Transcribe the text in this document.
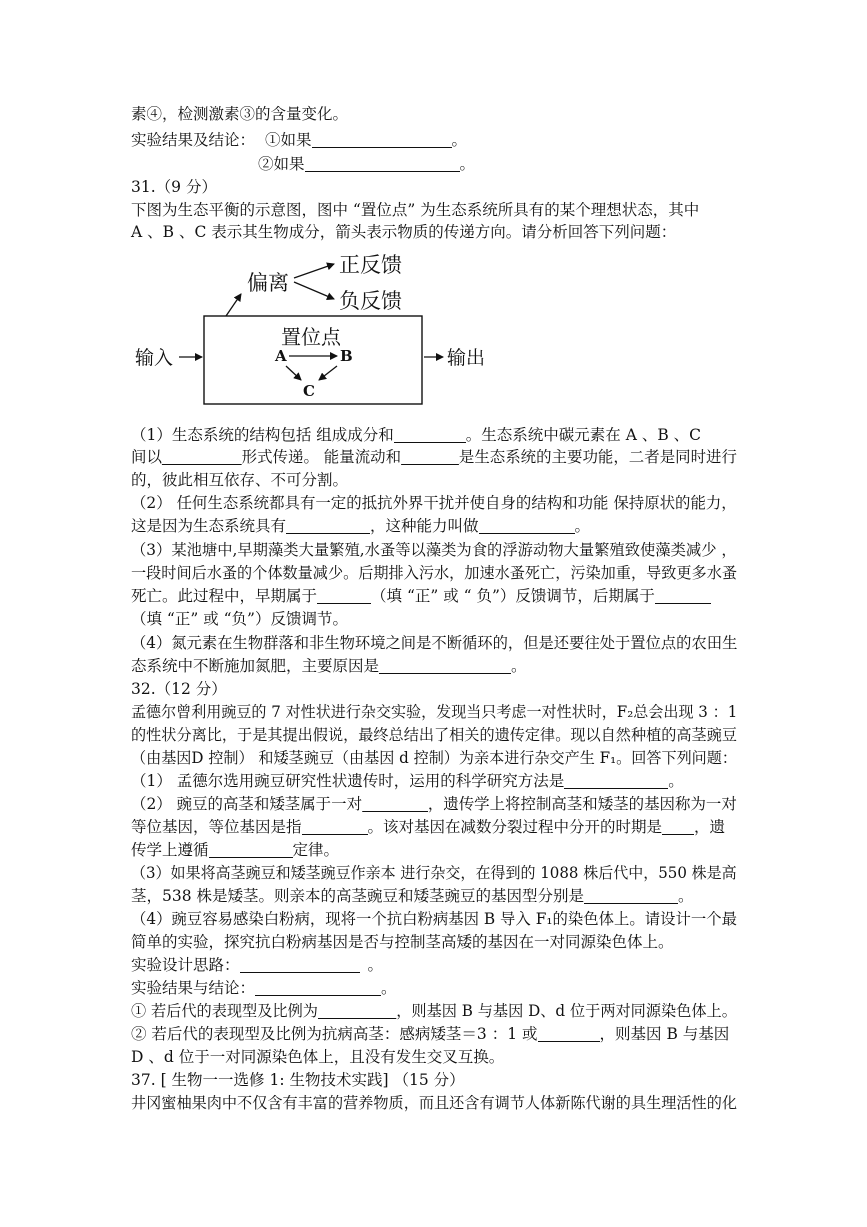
素④，检测激素③的含量变化。
实验结果及结论： ①如果	。
②如果	。
31.（9 分）
下图为生态平衡的示意图，图中 “置位点” 为生态系统所具有的某个理想状态，其中
A 、B 、C 表示其生物成分，箭头表示物质的传递方向。请分析回答下列问题：
偏离
正反馈
负反馈
置位点
A	B
C
输入	输出
（1）生态系统的结构包括 组成成分和	。生态系统中碳元素在 A 、B 、C
间以	形式传递。 能量流动和	是生态系统的主要功能，二者是同时进行
的，彼此相互依存、不可分割。
（2） 任何生态系统都具有一定的抵抗外界干扰并使自身的结构和功能 保持原状的能力，
这是因为生态系统具有	，这种能力叫做	。
（3）某池塘中,早期藻类大量繁殖,水蚤等以藻类为食的浮游动物大量繁殖致使藻类减少 ，
一段时间后水蚤的个体数量减少。后期排入污水，加速水蚤死亡，污染加重，导致更多水蚤
死亡。此过程中，早期属于	（填 “正” 或 “ 负”）反馈调节，后期属于
（填 “正” 或 “负”）反馈调节。
（4）氮元素在生物群落和非生物环境之间是不断循环的，但是还要往处于置位点的农田生
态系统中不断施加氮肥，主要原因是	。
32.（12 分）
孟德尔曾利用豌豆的 7 对性状进行杂交实验，发现当只考虑一对性状时，F₂总会出现 3 ：1
的性状分离比，于是其提出假说，最终总结出了相关的遗传定律。现以自然种植的高茎豌豆
（由基因D 控制） 和矮茎豌豆（由基因 d 控制）为亲本进行杂交产生 F₁。回答下列问题：
（1） 孟德尔选用豌豆研究性状遗传时，运用的科学研究方法是	。
（2） 豌豆的高茎和矮茎属于一对	，遗传学上将控制高茎和矮茎的基因称为一对
等位基因，等位基因是指	。该对基因在减数分裂过程中分开的时期是 ，遗
传学上遵循	定律。
（3）如果将高茎豌豆和矮茎豌豆作亲本 进行杂交，在得到的 1088 株后代中，550 株是高
茎，538 株是矮茎。则亲本的高茎豌豆和矮茎豌豆的基因型分别是	。
（4）豌豆容易感染白粉病，现将一个抗白粉病基因 B 导入 F₁的染色体上。请设计一个最
简单的实验，探究抗白粉病基因是否与控制茎高矮的基因在一对同源染色体上。
实验设计思路：	。
实验结果与结论：	。
① 若后代的表现型及比例为	，则基因 B 与基因 D、d 位于两对同源染色体上。
② 若后代的表现型及比例为抗病高茎：感病矮茎＝3 ：1 或	，则基因 B 与基因
D 、d 位于一对同源染色体上，且没有发生交叉互换。
37. [ 生物一一选修 1: 生物技术实践] （15 分）
井冈蜜柚果肉中不仅含有丰富的营养物质，而且还含有调节人体新陈代谢的具生理活性的化
